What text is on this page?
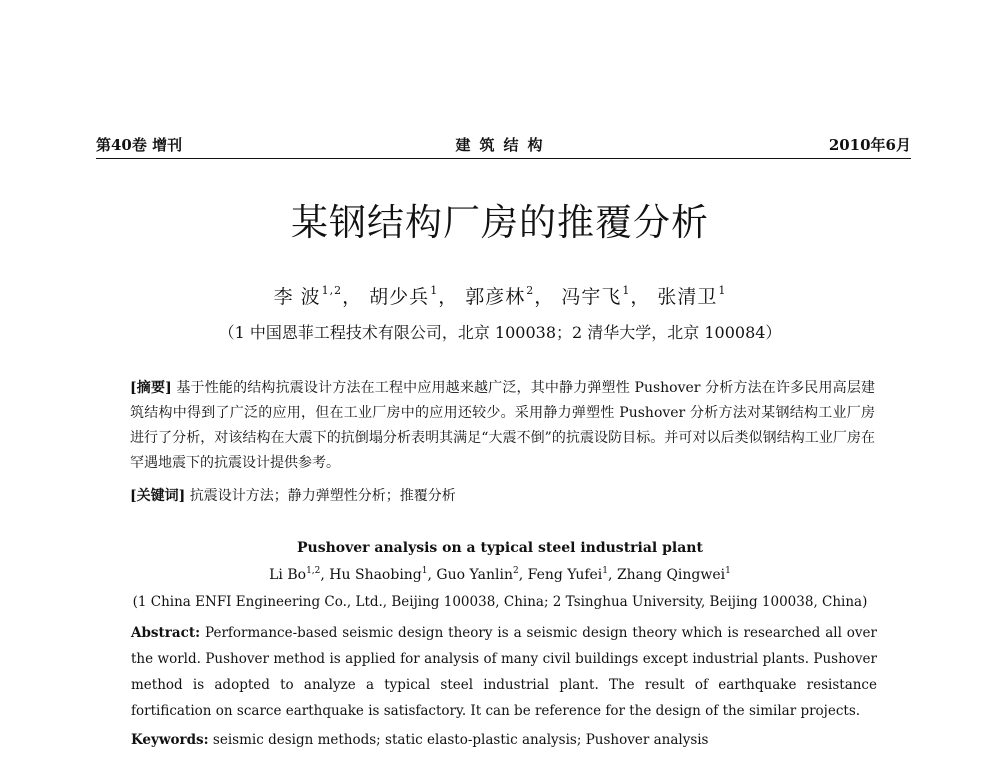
第40卷 增刊	建筑结构	2010年6月
某钢结构厂房的推覆分析
李 波$^{1,2}$， 胡少兵$^1$， 郭彦林$^2$， 冯宇飞$^1$， 张清卫$^1$
（1 中国恩菲工程技术有限公司，北京 100038；2 清华大学，北京 100084）
[摘要] 基于性能的结构抗震设计方法在工程中应用越来越广泛，其中静力弹塑性 Pushover 分析方法在许多民用高层建筑结构中得到了广泛的应用，但在工业厂房中的应用还较少。采用静力弹塑性 Pushover 分析方法对某钢结构工业厂房进行了分析，对该结构在大震下的抗倒塌分析表明其满足“大震不倒”的抗震设防目标。并可对以后类似钢结构工业厂房在罕遇地震下的抗震设计提供参考。
[关键词] 抗震设计方法；静力弹塑性分析；推覆分析
Pushover analysis on a typical steel industrial plant
Li Bo$^{1,2}$, Hu Shaobing$^1$, Guo Yanlin$^2$, Feng Yufei$^1$, Zhang Qingwei$^1$
(1 China ENFI Engineering Co., Ltd., Beijing 100038, China; 2 Tsinghua University, Beijing 100038, China)
Abstract: Performance-based seismic design theory is a seismic design theory which is researched all over the world. Pushover method is applied for analysis of many civil buildings except industrial plants. Pushover method is adopted to analyze a typical steel industrial plant. The result of earthquake resistance fortification on scarce earthquake is satisfactory. It can be reference for the design of the similar projects.
Keywords: seismic design methods; static elasto-plastic analysis; Pushover analysis
